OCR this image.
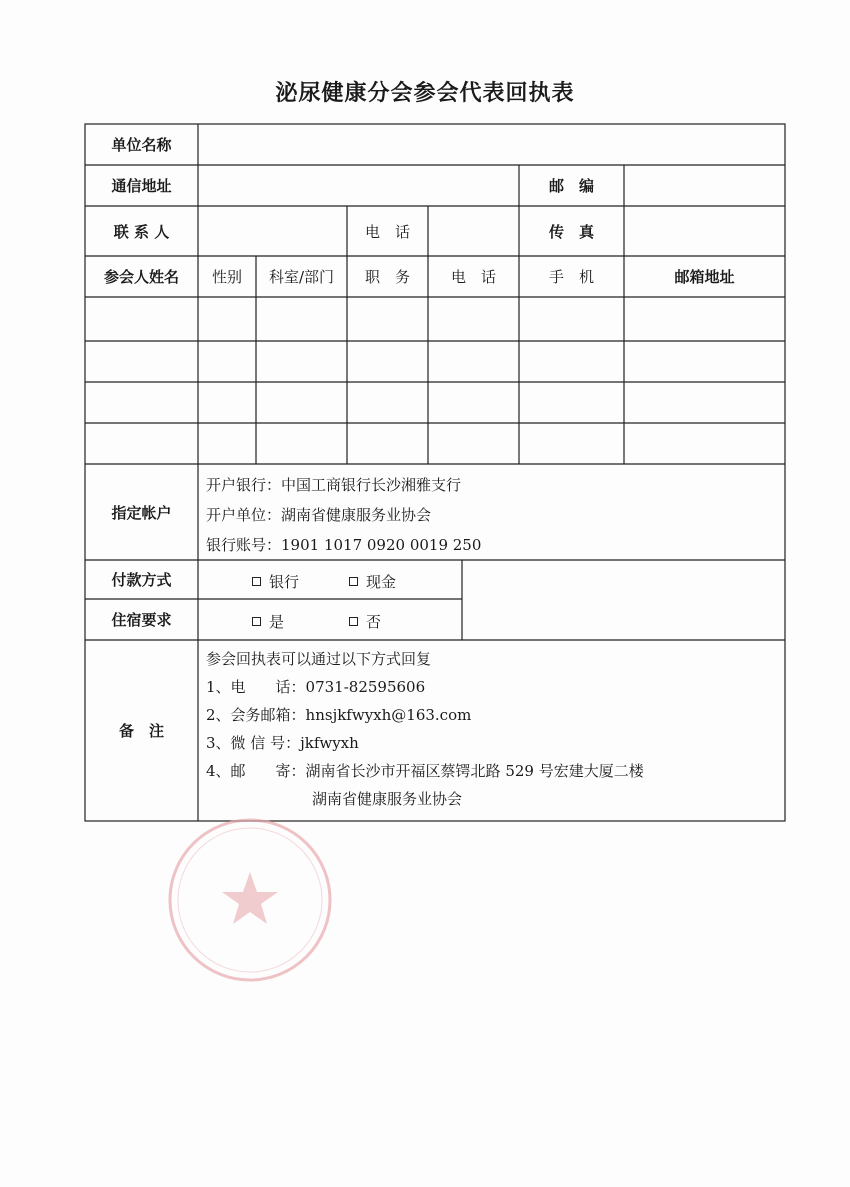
泌尿健康分会参会代表回执表
单位名称
通信地址	邮　编
联 系 人	电　话	传　真
参会人姓名	性别	科室/部门	职　务	电　话	手　机	邮箱地址
指定帐户
开户银行：中国工商银行长沙湘雅支行
开户单位：湖南省健康服务业协会
银行账号：1901 1017 0920 0019 250
付款方式	银行	现金
住宿要求	是	否
备　注
参会回执表可以通过以下方式回复
1、电　　话：0731-82595606
2、会务邮箱：hnsjkfwyxh@163.com
3、微 信 号：jkfwyxh
4、邮　　寄：湖南省长沙市开福区蔡锷北路 529 号宏建大厦二楼
湖南省健康服务业协会
